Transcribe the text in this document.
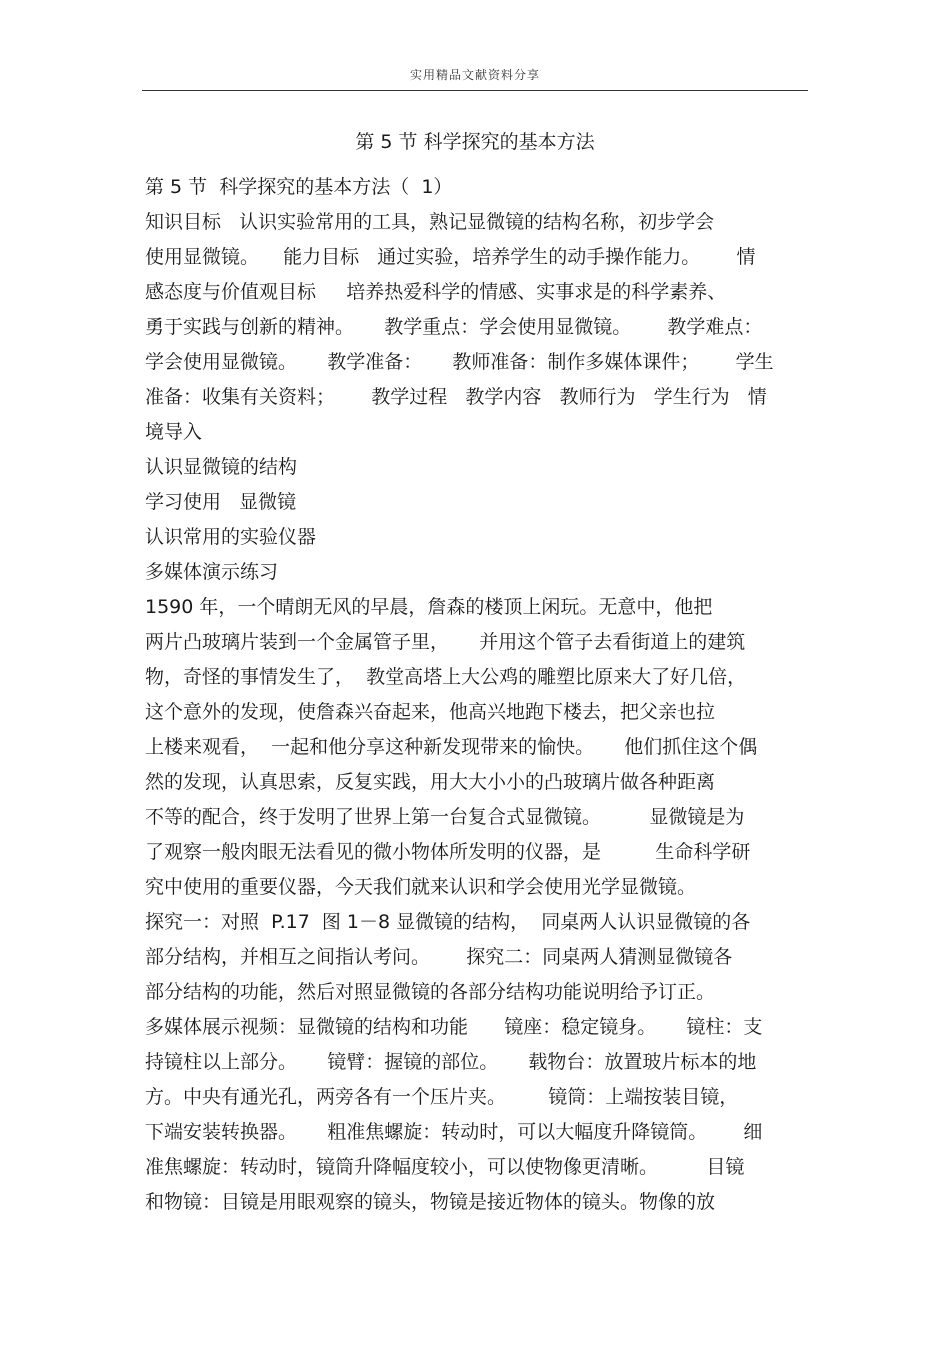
实用精品文献资料分享
第 5 节 科学探究的基本方法
第 5 节  科学探究的基本方法（  1）
知识目标   认识实验常用的工具，熟记显微镜的结构名称，初步学会
使用显微镜。    能力目标   通过实验，培养学生的动手操作能力。      情
感态度与价值观目标     培养热爱科学的情感、实事求是的科学素养、
勇于实践与创新的精神。     教学重点：学会使用显微镜。      教学难点：
学会使用显微镜。     教学准备：     教师准备：制作多媒体课件；      学生
准备：收集有关资料；      教学过程   教学内容   教师行为   学生行为   情
境导入
认识显微镜的结构
学习使用   显微镜
认识常用的实验仪器
多媒体演示练习
1590 年，一个晴朗无风的早晨，詹森的楼顶上闲玩。无意中，他把
两片凸玻璃片装到一个金属管子里，     并用这个管子去看街道上的建筑
物，奇怪的事情发生了，  教堂高塔上大公鸡的雕塑比原来大了好几倍，
这个意外的发现，使詹森兴奋起来，他高兴地跑下楼去，把父亲也拉
上楼来观看，  一起和他分享这种新发现带来的愉快。     他们抓住这个偶
然的发现，认真思索，反复实践，用大大小小的凸玻璃片做各种距离
不等的配合，终于发明了世界上第一台复合式显微镜。        显微镜是为
了观察一般肉眼无法看见的微小物体所发明的仪器，是         生命科学研
究中使用的重要仪器，今天我们就来认识和学会使用光学显微镜。
探究一：对照  P.17  图 1－8 显微镜的结构，  同桌两人认识显微镜的各
部分结构，并相互之间指认考问。      探究二：同桌两人猜测显微镜各
部分结构的功能，然后对照显微镜的各部分结构功能说明给予订正。
多媒体展示视频：显微镜的结构和功能      镜座：稳定镜身。     镜柱：支
持镜柱以上部分。     镜臂：握镜的部位。     载物台：放置玻片标本的地
方。中央有通光孔，两旁各有一个压片夹。       镜筒：上端按装目镜，
下端安装转换器。     粗准焦螺旋：转动时，可以大幅度升降镜筒。      细
准焦螺旋：转动时，镜筒升降幅度较小，可以使物像更清晰。        目镜
和物镜：目镜是用眼观察的镜头，物镜是接近物体的镜头。物像的放
